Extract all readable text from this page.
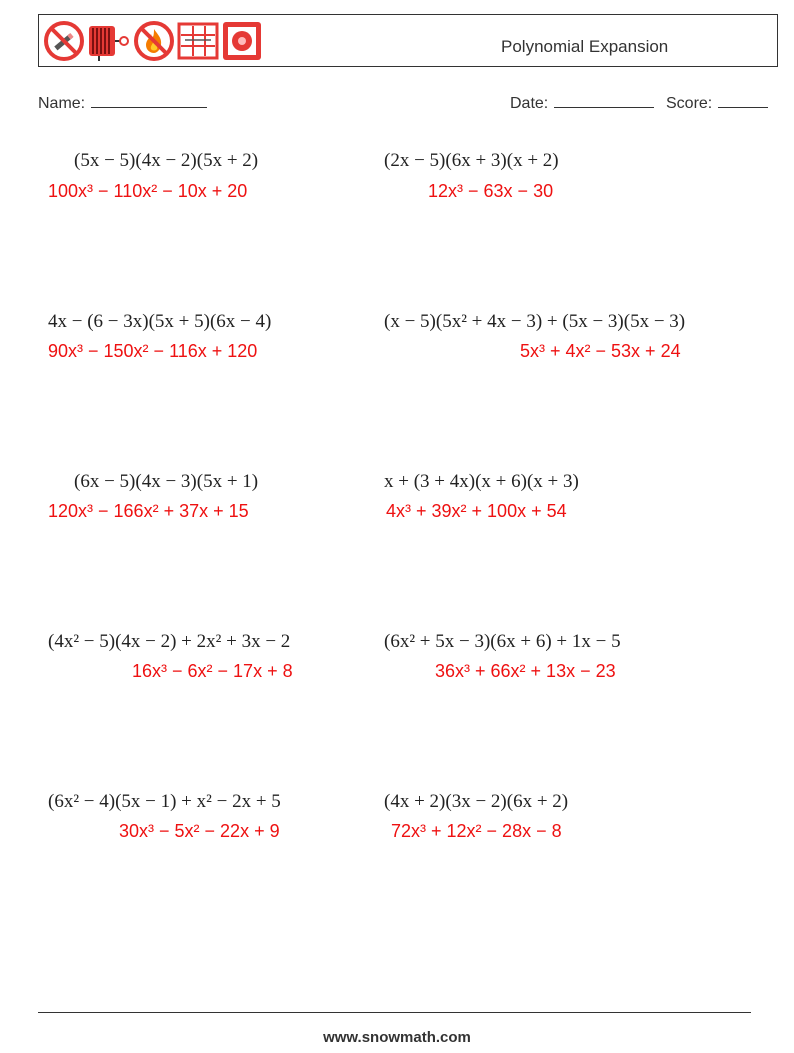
Polynomial Expansion
Name:	Date:	Score:
(5x − 5)(4x − 2)(5x + 2)
100x³ − 110x² − 10x + 20
(2x − 5)(6x + 3)(x + 2)
12x³ − 63x − 30
4x − (6 − 3x)(5x + 5)(6x − 4)
90x³ − 150x² − 116x + 120
(x − 5)(5x² + 4x − 3) + (5x − 3)(5x − 3)
5x³ + 4x² − 53x + 24
(6x − 5)(4x − 3)(5x + 1)
120x³ − 166x² + 37x + 15
x + (3 + 4x)(x + 6)(x + 3)
4x³ + 39x² + 100x + 54
(4x² − 5)(4x − 2) + 2x² + 3x − 2
16x³ − 6x² − 17x + 8
(6x² + 5x − 3)(6x + 6) + 1x − 5
36x³ + 66x² + 13x − 23
(6x² − 4)(5x − 1) + x² − 2x + 5
30x³ − 5x² − 22x + 9
(4x + 2)(3x − 2)(6x + 2)
72x³ + 12x² − 28x − 8
www.snowmath.com
